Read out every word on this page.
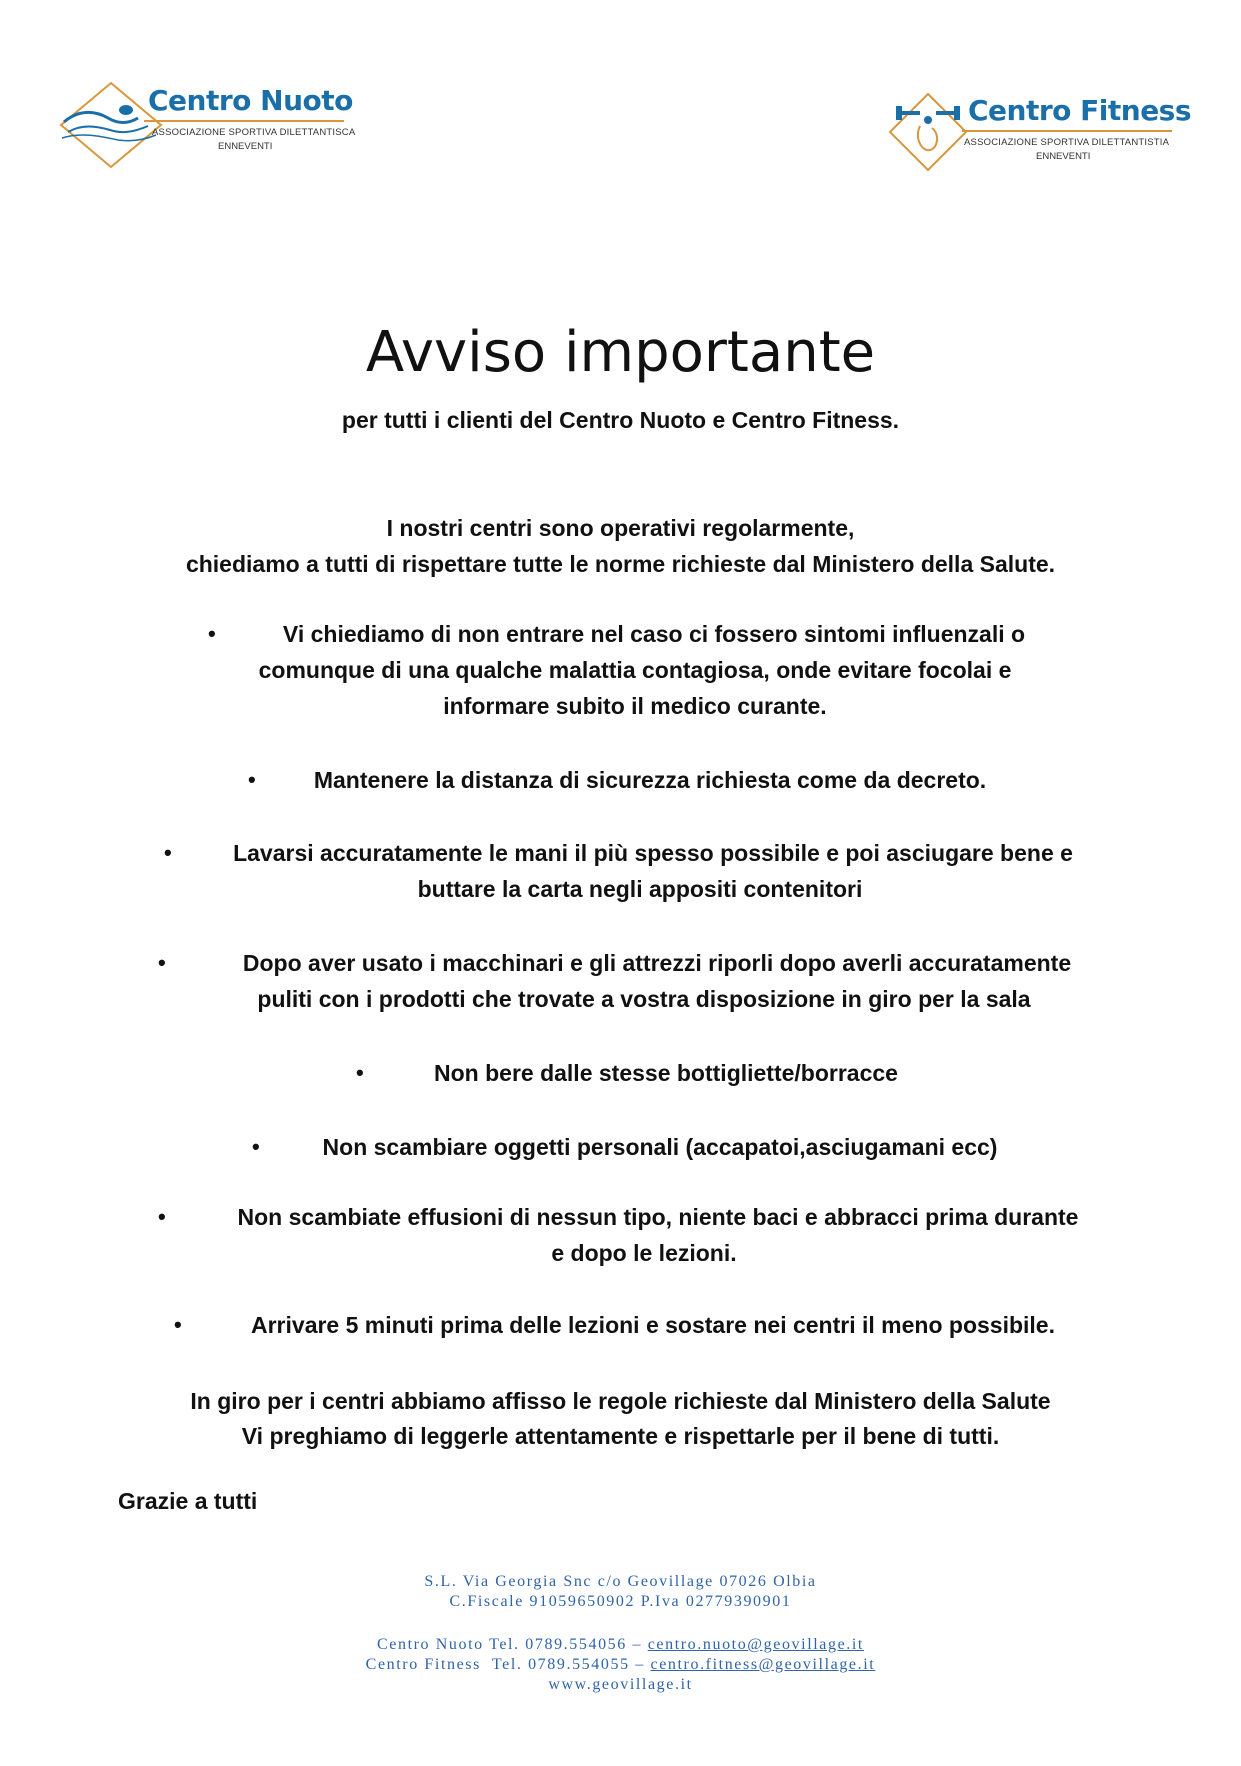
Centro Nuoto
ASSOCIAZIONE SPORTIVA DILETTANTISCA
ENNEVENTI
Centro Fitness
ASSOCIAZIONE SPORTIVA DILETTANTISTIA
ENNEVENTI
Avviso importante
per tutti i clienti del Centro Nuoto e Centro Fitness.
I nostri centri sono operativi regolarmente,
chiediamo a tutti di rispettare tutte le norme richieste dal Ministero della Salute.
•	Vi chiediamo di non entrare nel caso ci fossero sintomi influenzali o
comunque di una qualche malattia contagiosa, onde evitare focolai e
informare subito il medico curante.
•	Mantenere la distanza di sicurezza richiesta come da decreto.
•	Lavarsi accuratamente le mani il più spesso possibile e poi asciugare bene e
buttare la carta negli appositi contenitori
•	Dopo aver usato i macchinari e gli attrezzi riporli dopo averli accuratamente
puliti con i prodotti che trovate a vostra disposizione in giro per la sala
•	Non bere dalle stesse bottigliette/borracce
•	Non scambiare oggetti personali (accapatoi,asciugamani ecc)
•	Non scambiate effusioni di nessun tipo, niente baci e abbracci prima durante
e dopo le lezioni.
•	Arrivare 5 minuti prima delle lezioni e sostare nei centri il meno possibile.
In giro per i centri abbiamo affisso le regole richieste dal Ministero della Salute
Vi preghiamo di leggerle attentamente e rispettarle per il bene di tutti.
Grazie a tutti
S.L. Via Georgia Snc c/o Geovillage 07026 Olbia
C.Fiscale 91059650902 P.Iva 02779390901
Centro Nuoto Tel. 0789.554056 – centro.nuoto@geovillage.it
Centro Fitness  Tel. 0789.554055 – centro.fitness@geovillage.it
www.geovillage.it
